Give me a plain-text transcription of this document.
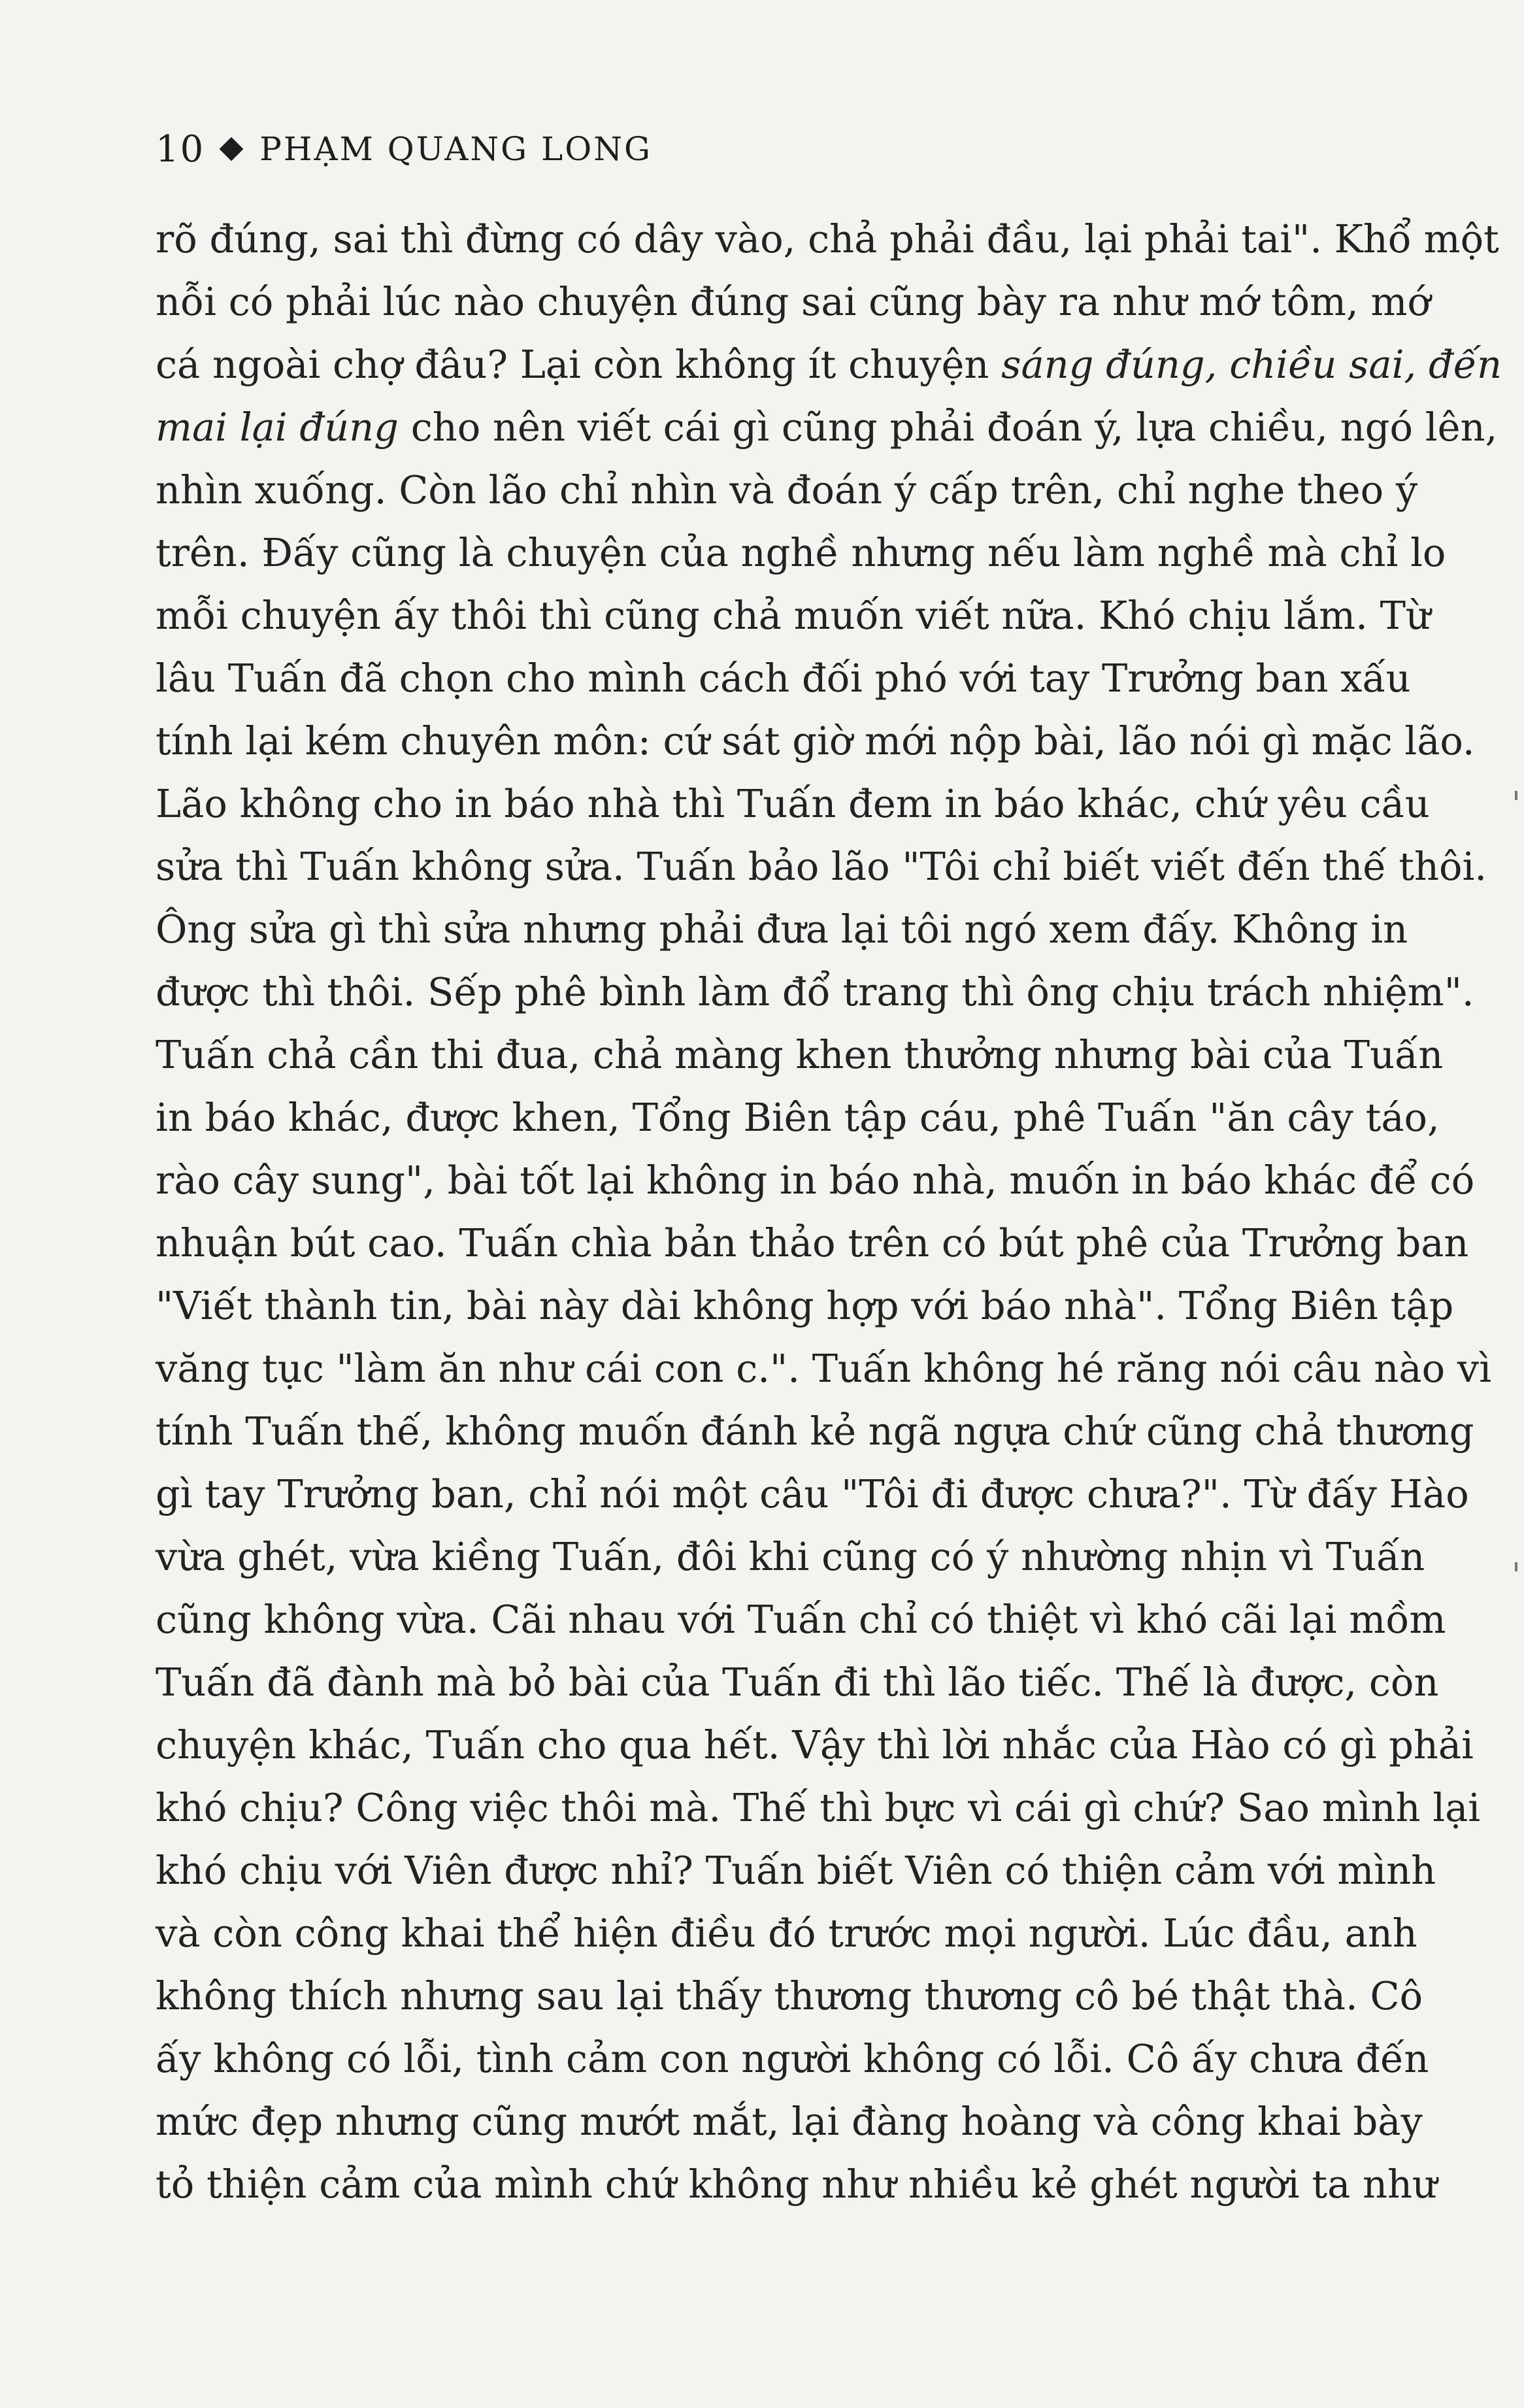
10 PHẠM QUANG LONG
rõ đúng, sai thì đừng có dây vào, chả phải đầu, lại phải tai". Khổ một
nỗi có phải lúc nào chuyện đúng sai cũng bày ra như mớ tôm, mớ
cá ngoài chợ đâu? Lại còn không ít chuyện sáng đúng, chiều sai, đến
mai lại đúng cho nên viết cái gì cũng phải đoán ý, lựa chiều, ngó lên,
nhìn xuống. Còn lão chỉ nhìn và đoán ý cấp trên, chỉ nghe theo ý
trên. Đấy cũng là chuyện của nghề nhưng nếu làm nghề mà chỉ lo
mỗi chuyện ấy thôi thì cũng chả muốn viết nữa. Khó chịu lắm. Từ
lâu Tuấn đã chọn cho mình cách đối phó với tay Trưởng ban xấu
tính lại kém chuyên môn: cứ sát giờ mới nộp bài, lão nói gì mặc lão.
Lão không cho in báo nhà thì Tuấn đem in báo khác, chứ yêu cầu
sửa thì Tuấn không sửa. Tuấn bảo lão "Tôi chỉ biết viết đến thế thôi.
Ông sửa gì thì sửa nhưng phải đưa lại tôi ngó xem đấy. Không in
được thì thôi. Sếp phê bình làm đổ trang thì ông chịu trách nhiệm".
Tuấn chả cần thi đua, chả màng khen thưởng nhưng bài của Tuấn
in báo khác, được khen, Tổng Biên tập cáu, phê Tuấn "ăn cây táo,
rào cây sung", bài tốt lại không in báo nhà, muốn in báo khác để có
nhuận bút cao. Tuấn chìa bản thảo trên có bút phê của Trưởng ban
"Viết thành tin, bài này dài không hợp với báo nhà". Tổng Biên tập
văng tục "làm ăn như cái con c.". Tuấn không hé răng nói câu nào vì
tính Tuấn thế, không muốn đánh kẻ ngã ngựa chứ cũng chả thương
gì tay Trưởng ban, chỉ nói một câu "Tôi đi được chưa?". Từ đấy Hào
vừa ghét, vừa kiềng Tuấn, đôi khi cũng có ý nhường nhịn vì Tuấn
cũng không vừa. Cãi nhau với Tuấn chỉ có thiệt vì khó cãi lại mồm
Tuấn đã đành mà bỏ bài của Tuấn đi thì lão tiếc. Thế là được, còn
chuyện khác, Tuấn cho qua hết. Vậy thì lời nhắc của Hào có gì phải
khó chịu? Công việc thôi mà. Thế thì bực vì cái gì chứ? Sao mình lại
khó chịu với Viên được nhỉ? Tuấn biết Viên có thiện cảm với mình
và còn công khai thể hiện điều đó trước mọi người. Lúc đầu, anh
không thích nhưng sau lại thấy thương thương cô bé thật thà. Cô
ấy không có lỗi, tình cảm con người không có lỗi. Cô ấy chưa đến
mức đẹp nhưng cũng mướt mắt, lại đàng hoàng và công khai bày
tỏ thiện cảm của mình chứ không như nhiều kẻ ghét người ta như
